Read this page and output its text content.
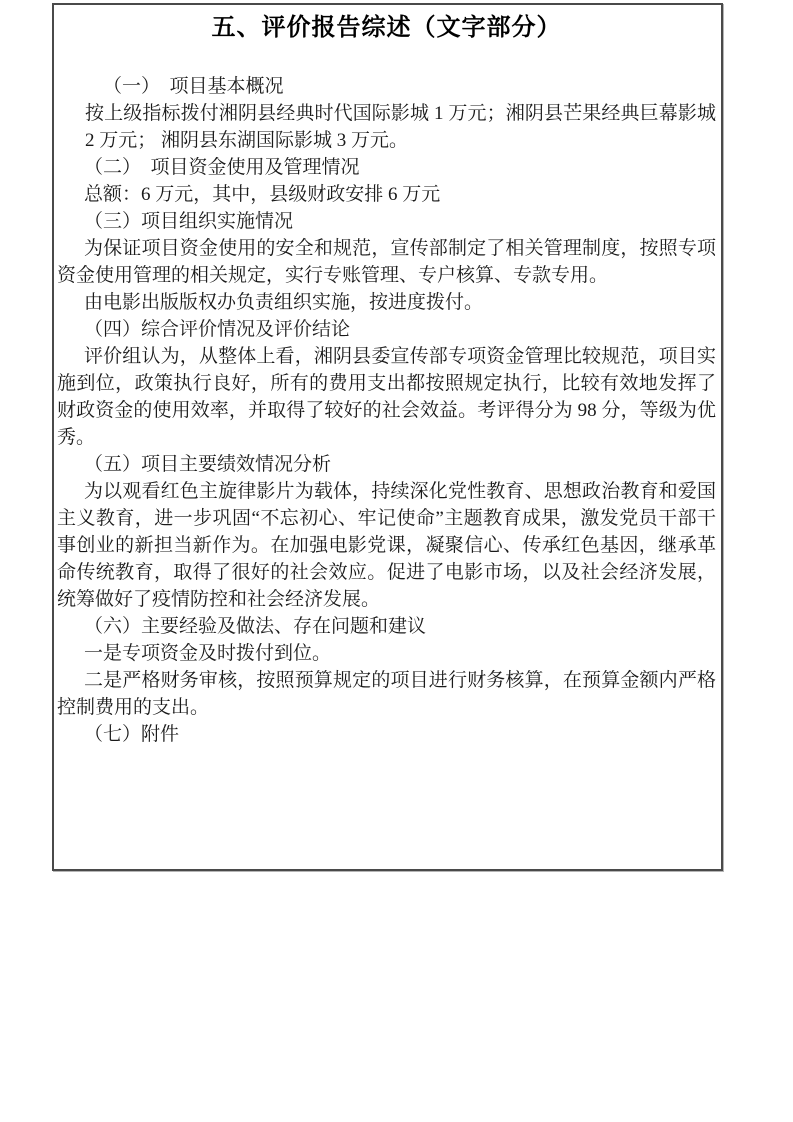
五、评价报告综述（文字部分）

（一）　项目基本概况

按上级指标拨付湘阴县经典时代国际影城 1 万元；湘阴县芒果经典巨幕影城 2 万元； 湘阴县东湖国际影城 3 万元。

（二）　项目资金使用及管理情况

总额：6 万元，其中，县级财政安排 6 万元

（三）项目组织实施情况

为保证项目资金使用的安全和规范，宣传部制定了相关管理制度，按照专项资金使用管理的相关规定，实行专账管理、专户核算、专款专用。

由电影出版版权办负责组织实施，按进度拨付。

（四）综合评价情况及评价结论

评价组认为，从整体上看，湘阴县委宣传部专项资金管理比较规范，项目实施到位，政策执行良好，所有的费用支出都按照规定执行，比较有效地发挥了财政资金的使用效率，并取得了较好的社会效益。考评得分为 98 分，等级为优秀。

（五）项目主要绩效情况分析

为以观看红色主旋律影片为载体，持续深化党性教育、思想政治教育和爱国主义教育，进一步巩固“不忘初心、牢记使命”主题教育成果，激发党员干部干事创业的新担当新作为。在加强电影党课，凝聚信心、传承红色基因，继承革命传统教育，取得了很好的社会效应。促进了电影市场，以及社会经济发展，统筹做好了疫情防控和社会经济发展。

（六）主要经验及做法、存在问题和建议

一是专项资金及时拨付到位。

二是严格财务审核，按照预算规定的项目进行财务核算，在预算金额内严格控制费用的支出。

（七）附件
